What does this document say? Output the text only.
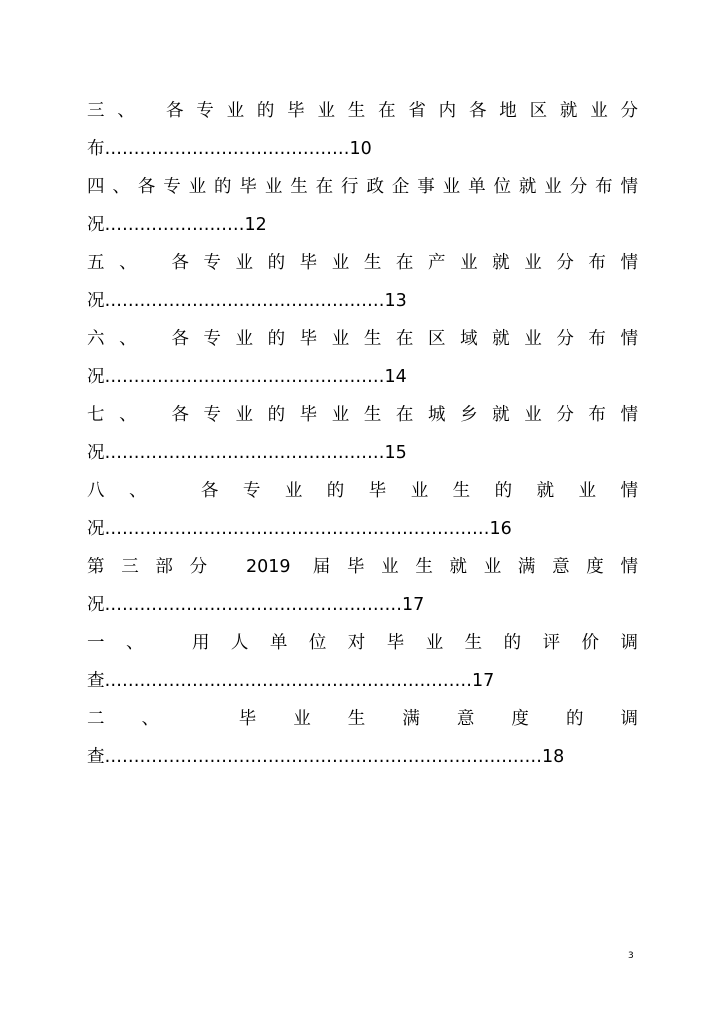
三、 各专业的毕业生在省内各地区就业分
布……………………………………10
四、各专业的毕业生在行政企事业单位就业分布情
况……………………12
五、 各专业的毕业生在产业就业分布情
况…………………………………………13
六、 各专业的毕业生在区域就业分布情
况…………………………………………14
七、 各专业的毕业生在城乡就业分布情
况…………………………………………15
八、 各专业的毕业生的就业情
况…………………………………………………………16
第三部分 2019 届毕业生就业满意度情
况……………………………………………17
一、 用人单位对毕业生的评价调
查………………………………………………………17
二、 毕业生满意度的调
查…………………………………………………………………18
3
